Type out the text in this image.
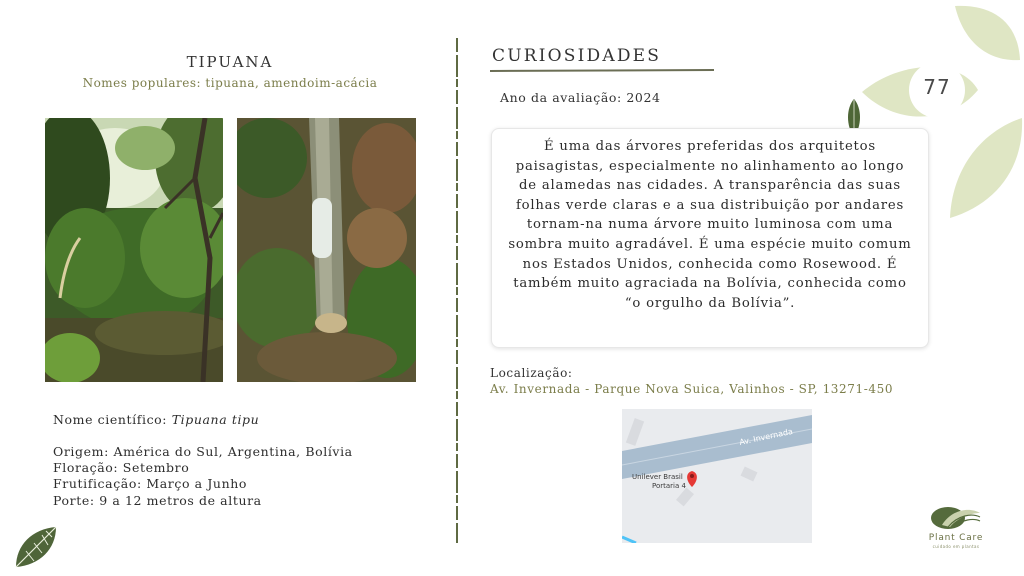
TIPUANA
Nomes populares: tipuana, amendoim-acácia
Nome científico: Tipuana tipu
Origem: América do Sul, Argentina, Bolívia
Floração: Setembro
Frutificação: Março a Junho
Porte: 9 a 12 metros de altura
CURIOSIDADES
Ano da avaliação: 2024	77

É uma das árvores preferidas dos arquitetos paisagistas, especialmente no alinhamento ao longo de alamedas nas cidades. A transparência das suas folhas verde claras e a sua distribuição por andares tornam-na numa árvore muito luminosa com uma sombra muito agradável. É uma espécie muito comum nos Estados Unidos, conhecida como Rosewood. É também muito agraciada na Bolívia, conhecida como “o orgulho da Bolívia”.

Localização:
Av. Invernada - Parque Nova Suica, Valinhos - SP, 13271-450
Av. Invernada
Unilever Brasil
Portaria 4
Plant Care
cuidado em plantas
